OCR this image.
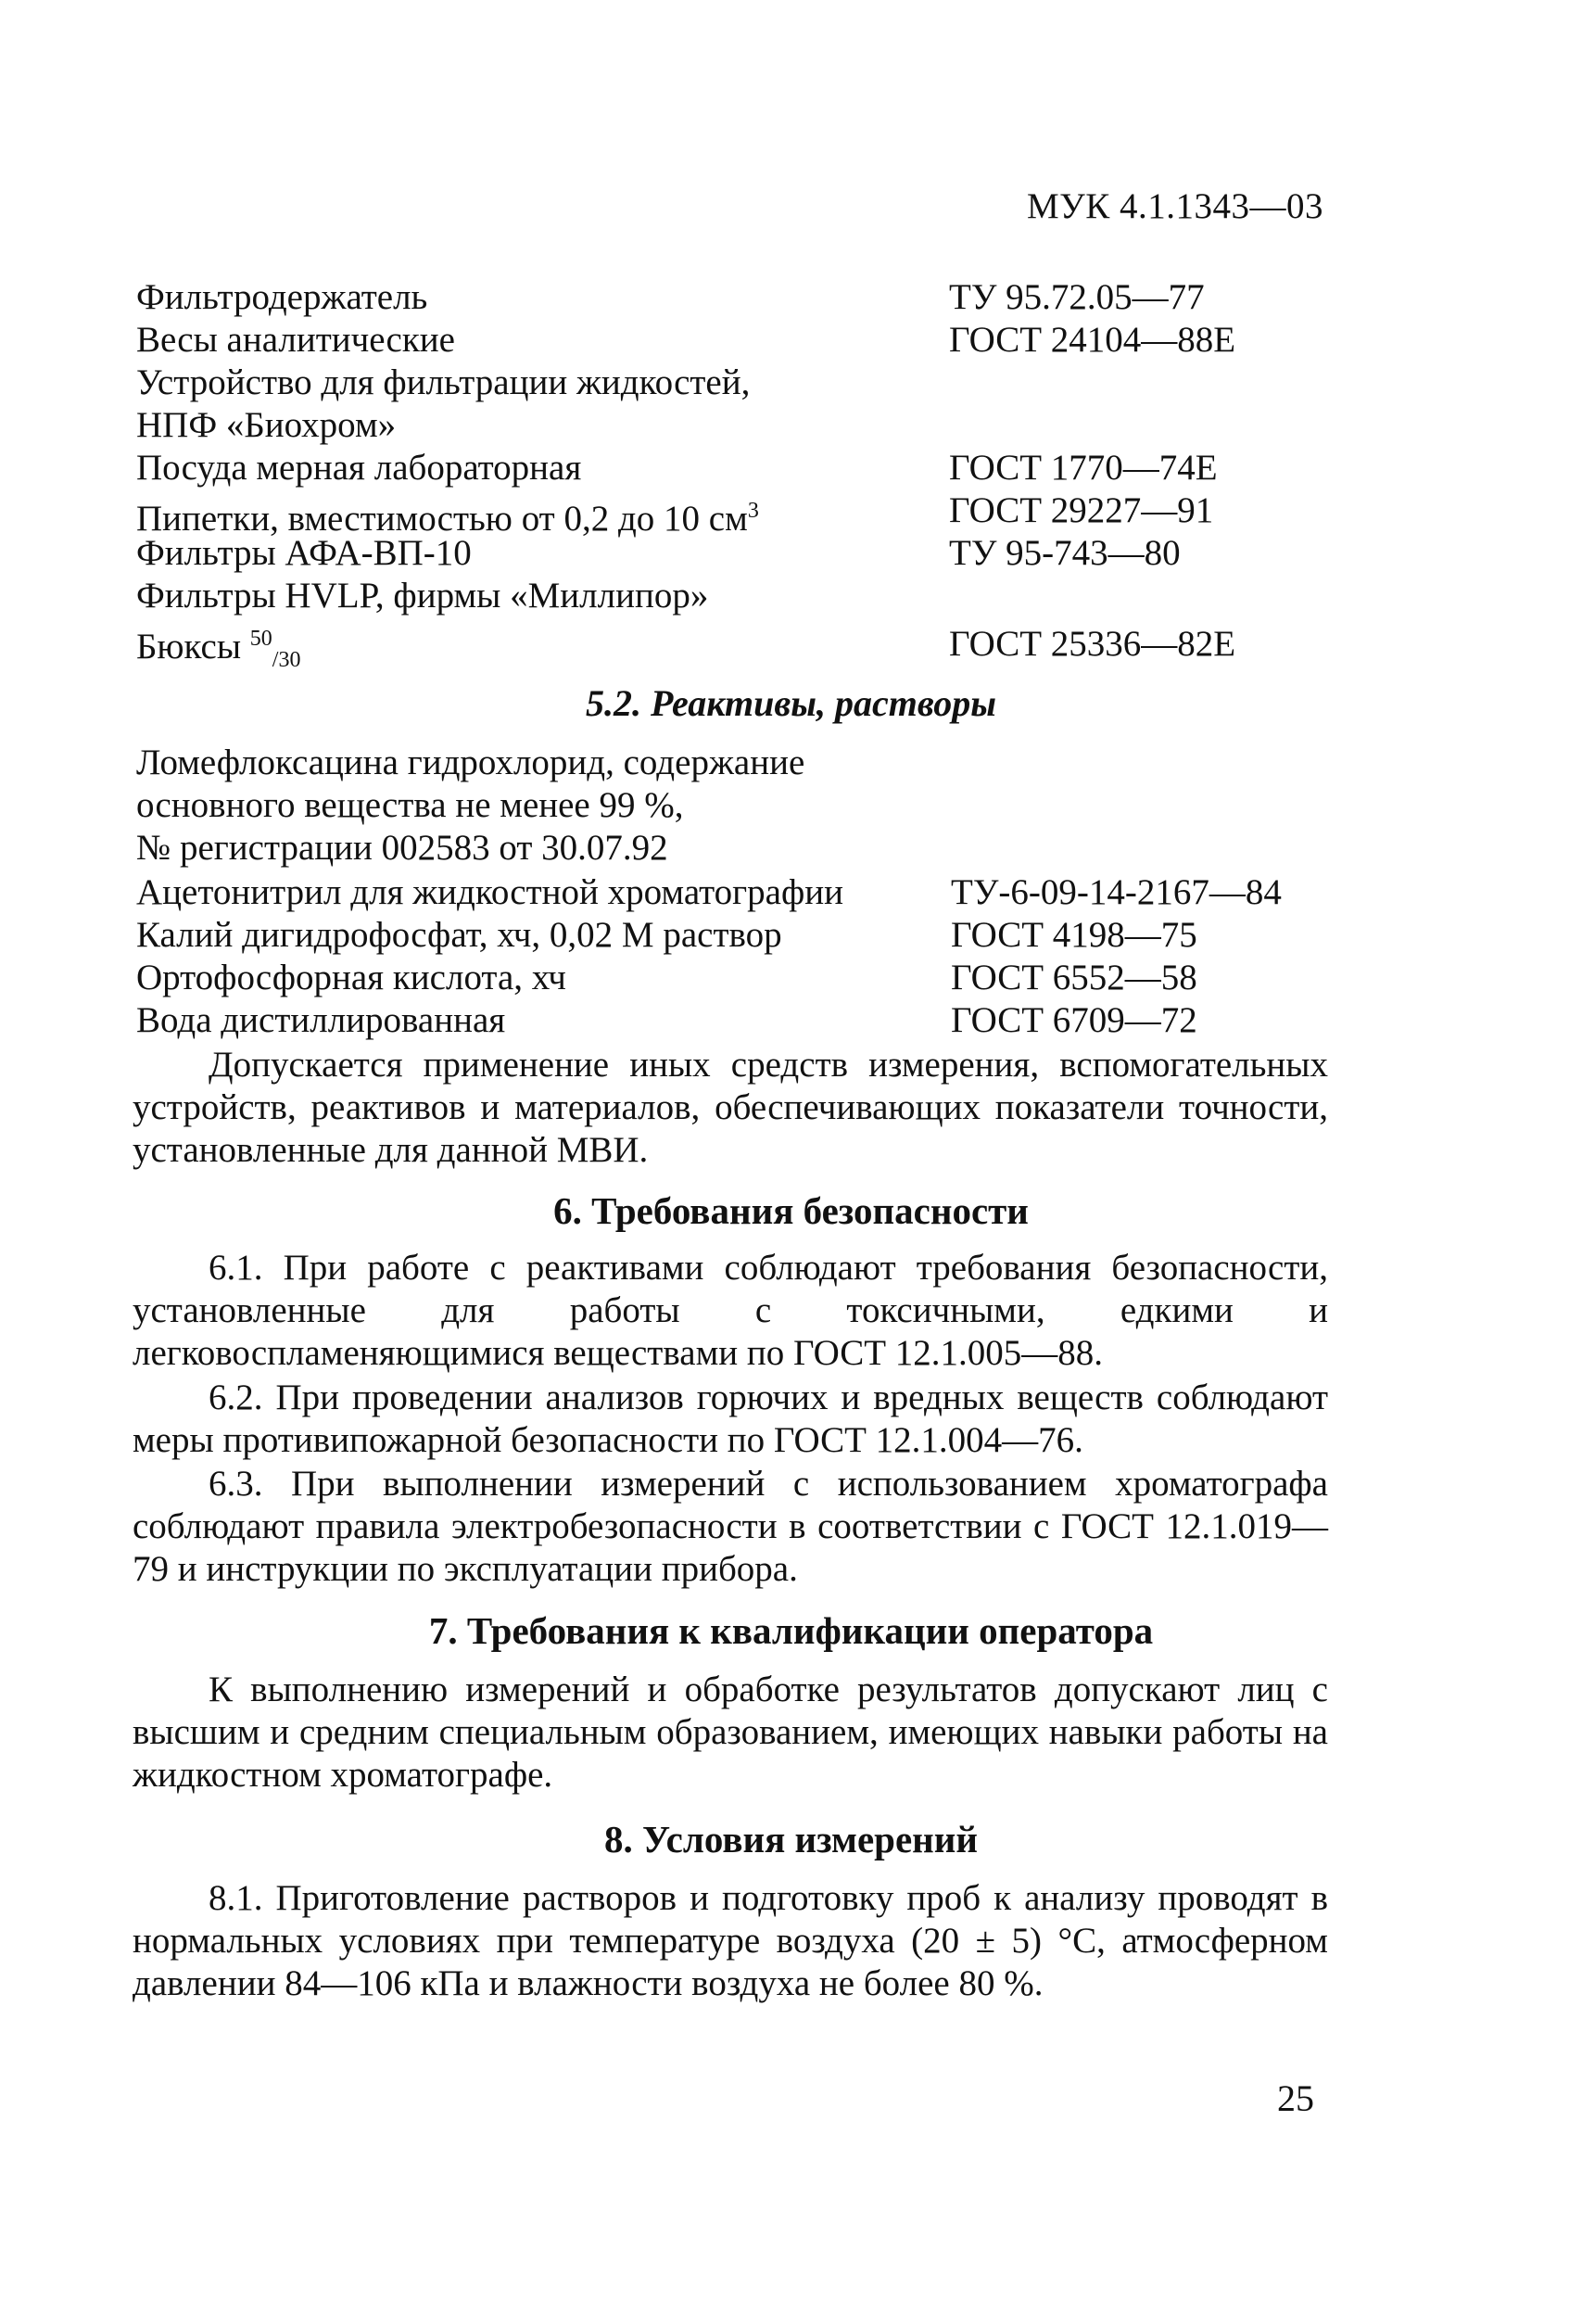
МУК 4.1.1343—03
Фильтродержатель	ТУ 95.72.05—77
Весы аналитические	ГОСТ 24104—88Е
Устройство для фильтрации жидкостей,
НПФ «Биохром»
Посуда мерная лабораторная	ГОСТ 1770—74Е
Пипетки, вместимостью от 0,2 до 10 $см^3$	ГОСТ 29227—91
Фильтры АФА-ВП-10	ТУ 95-743—80
Фильтры HVLP, фирмы «Миллипор»
Бюксы $^{50}_{/30}$	ГОСТ 25336—82Е
5.2. Реактивы, растворы
Ломефлоксацина гидрохлорид, содержание
основного вещества не менее 99 %,
№ регистрации 002583 от 30.07.92
Ацетонитрил для жидкостной хроматографии	ТУ-6-09-14-2167—84
Калий дигидрофосфат, хч, 0,02 М раствор	ГОСТ 4198—75
Ортофосфорная кислота, хч	ГОСТ 6552—58
Вода дистиллированная	ГОСТ 6709—72
Допускается применение иных средств измерения, вспомогательных устройств, реактивов и материалов, обеспечивающих показатели точности, установленные для данной МВИ.
6. Требования безопасности
6.1. При работе с реактивами соблюдают требования безопасности, установленные для работы с токсичными, едкими и легковоспламеняющимися веществами по ГОСТ 12.1.005—88.
6.2. При проведении анализов горючих и вредных веществ соблюдают меры противипожарной безопасности по ГОСТ 12.1.004—76.
6.3. При выполнении измерений с использованием хроматографа соблюдают правила электробезопасности в соответствии с ГОСТ 12.1.019—79 и инструкции по эксплуатации прибора.
7. Требования к квалификации оператора
К выполнению измерений и обработке результатов допускают лиц с высшим и средним специальным образованием, имеющих навыки работы на жидкостном хроматографе.
8. Условия измерений
8.1. Приготовление растворов и подготовку проб к анализу проводят в нормальных условиях при температуре воздуха (20 ± 5) °С, атмосферном давлении 84—106 кПа и влажности воздуха не более 80 %.
25
